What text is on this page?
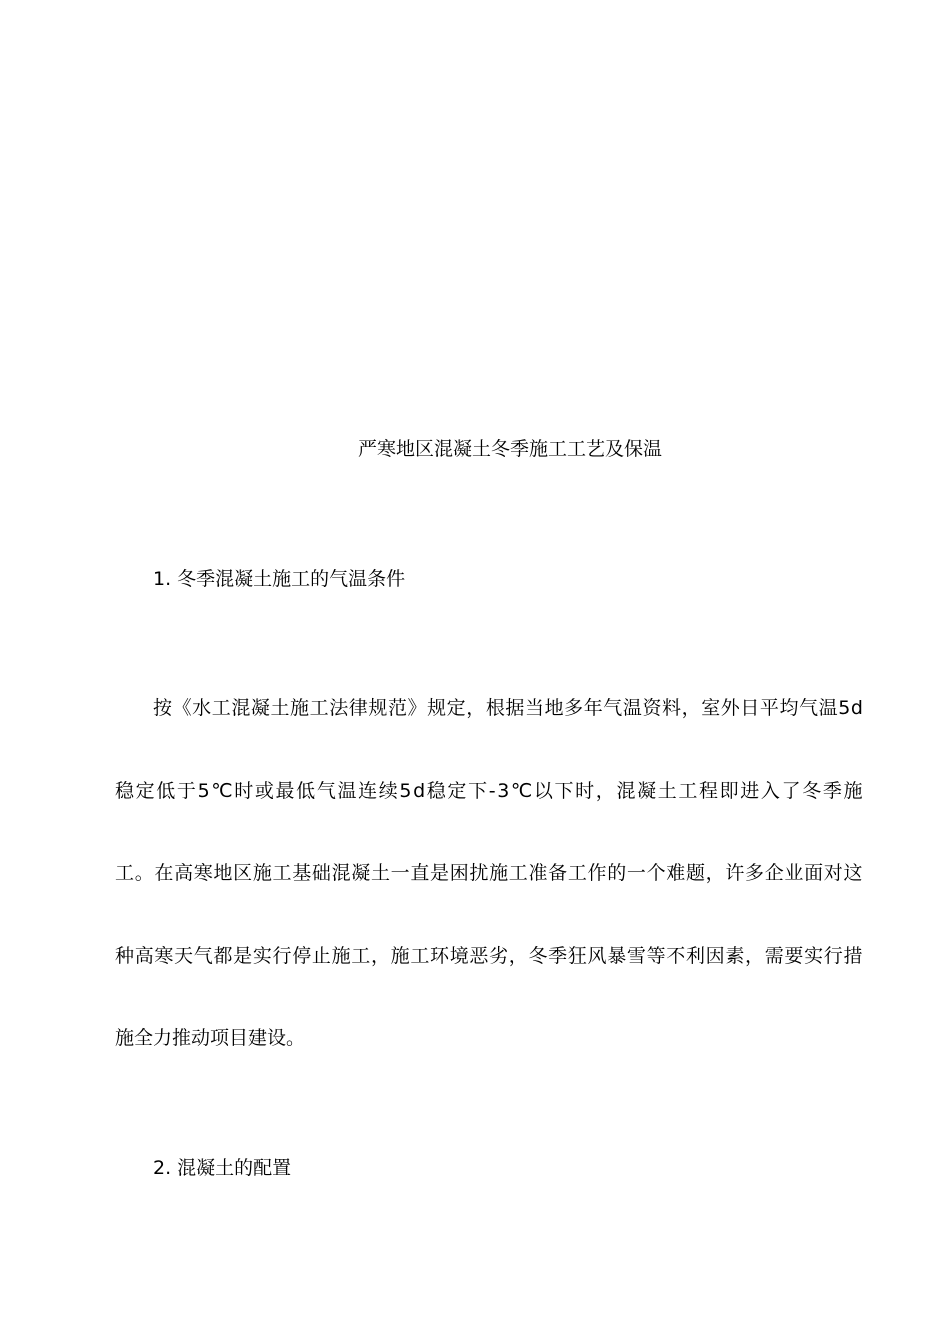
严寒地区混凝土冬季施工工艺及保温
1. 冬季混凝土施工的气温条件
按 《 水 工 混 凝 土 施 工 法 律 规 范 》 规 定 ， 根 据 当 地 多 年 气 温 资 料 ， 室 外 日 平 均 气 温 5 d
稳 定 低 于 5 ℃ 时 或 最 低 气 温 连 续 5 d 稳 定 下 - 3 ℃ 以 下 时 ， 混 凝 土 工 程 即 进 入 了 冬 季 施
工 。 在 高 寒 地 区 施 工 基 础 混 凝 土 一 直 是 困 扰 施 工 准 备 工 作 的 一 个 难 题 ， 许 多 企 业 面 对 这
种 高 寒 天 气 都 是 实 行 停 止 施 工 ， 施 工 环 境 恶 劣 ， 冬 季 狂 风 暴 雪 等 不 利 因 素 ， 需 要 实 行 措
施全力推动项目建设。
2. 混凝土的配置
